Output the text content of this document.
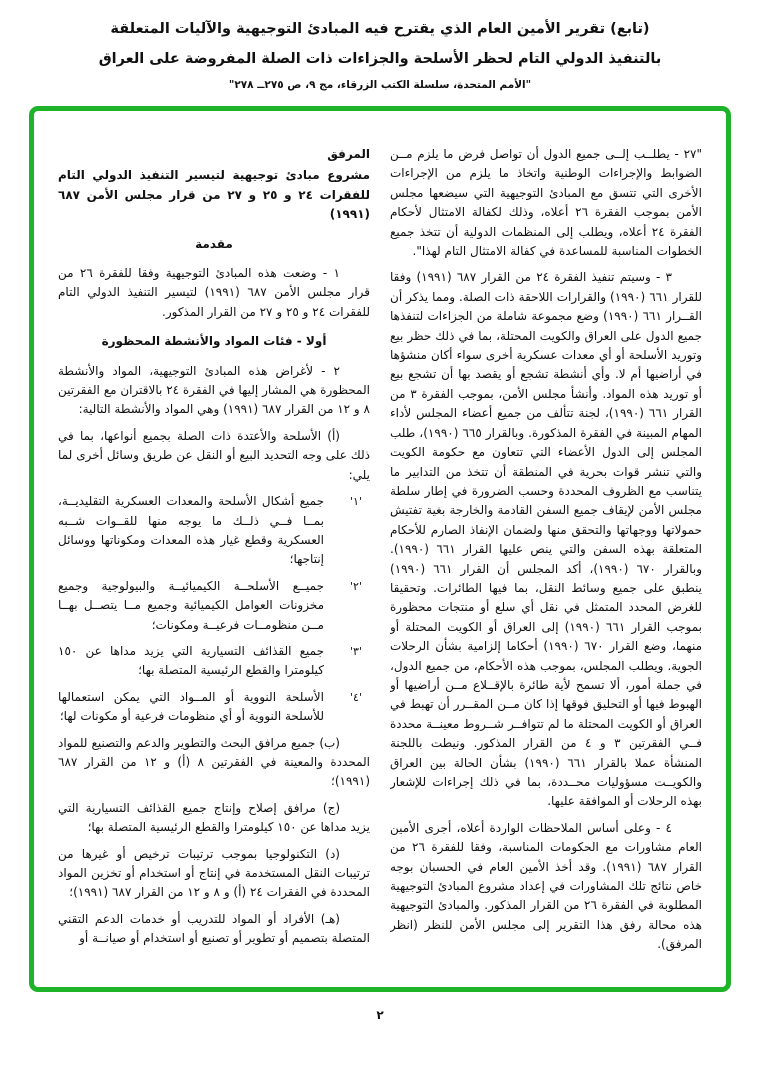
(تابع) تقرير الأمين العام الذي يقترح فيه المبادئ التوجيهية والآليات المتعلقة
بالتنفيذ الدولي التام لحظر الأسلحة والجزاءات ذات الصلة المفروضة على العراق
"الأمم المتحدة، سلسلة الكتب الزرقاء، مج ٩، ص ٢٧٥ــ ٢٧٨"
"٢٧ - يطلــب إلــى جميع الدول أن تواصل فرض ما يلزم مــن الضوابط والإجراءات الوطنية واتخاذ ما يلزم من الإجراءات الأخرى التي تتسق مع المبادئ التوجيهية التي سيضعها مجلس الأمن بموجب الفقرة ٢٦ أعلاه، وذلك لكفالة الامتثال لأحكام الفقرة ٢٤ أعلاه، ويطلب إلى المنظمات الدولية أن تتخذ جميع الخطوات المناسبة للمساعدة في كفالة الامتثال التام لهذا".
٣ - وسيتم تنفيذ الفقرة ٢٤ من القرار ٦٨٧ (١٩٩١) وفقا للقرار ٦٦١ (١٩٩٠) والقرارات اللاحقة ذات الصلة. ومما يذكر أن القــرار ٦٦١ (١٩٩٠) وضع مجموعة شاملة من الجزاءات لتنفذها جميع الدول على العراق والكويت المحتلة، بما في ذلك حظر بيع وتوريد الأسلحة أو أي معدات عسكرية أخرى سواء أكان منشؤها في أراضيها أم لا. وأي أنشطة تشجع أو يقصد بها أن تشجع بيع أو توريد هذه المواد. وأنشأ مجلس الأمن، بموجب الفقرة ٣ من القرار ٦٦١ (١٩٩٠)، لجنة تتألف من جميع أعضاء المجلس لأداء المهام المبينة في الفقرة المذكورة. وبالقرار ٦٦٥ (١٩٩٠)، طلب المجلس إلى الدول الأعضاء التي تتعاون مع حكومة الكويت والتي تنشر قوات بحرية في المنطقة أن تتخذ من التدابير ما يتناسب مع الظروف المحددة وحسب الضرورة في إطار سلطة مجلس الأمن لإيقاف جميع السفن القادمة والخارجة بغية تفتيش حمولاتها ووجهاتها والتحقق منها ولضمان الإنفاذ الصارم للأحكام المتعلقة بهذه السفن والتي ينص عليها القرار ٦٦١ (١٩٩٠). وبالقرار ٦٧٠ (١٩٩٠)، أكد المجلس أن القرار ٦٦١ (١٩٩٠) ينطبق على جميع وسائط النقل، بما فيها الطائرات. وتحقيقا للغرض المحدد المتمثل في نقل أي سلع أو منتجات محظورة بموجب القرار ٦٦١ (١٩٩٠) إلى العراق أو الكويت المحتلة أو منهما، وضع القرار ٦٧٠ (١٩٩٠) أحكاما إلزامية بشأن الرحلات الجوية. ويطلب المجلس، بموجب هذه الأحكام، من جميع الدول، في جملة أمور، ألا تسمح لأية طائرة بالإقــلاع مــن أراضيها أو الهبوط فيها أو التحليق فوقها إذا كان مــن المقــرر أن تهبط في العراق أو الكويت المحتلة ما لم تتوافــر شــروط معينــة محددة فــي الفقرتين ٣ و ٤ من القرار المذكور. ونيطت باللجنة المنشأة عملا بالقرار ٦٦١ (١٩٩٠) بشأن الحالة بين العراق والكويــت مسؤوليات محــددة، بما في ذلك إجراءات للإشعار بهذه الرحلات أو الموافقة عليها.
٤ - وعلى أساس الملاحظات الواردة أعلاه، أجرى الأمين العام مشاورات مع الحكومات المناسبة، وفقا للفقرة ٢٦ من القرار ٦٨٧ (١٩٩١). وقد أخذ الأمين العام في الحسبان بوجه خاص نتائج تلك المشاورات في إعداد مشروع المبادئ التوجيهية المطلوبة في الفقرة ٢٦ من القرار المذكور. والمبادئ التوجيهية هذه محالة رفق هذا التقرير إلى مجلس الأمن للنظر (انظر المرفق).
المرفق
مشروع مبادئ توجيهية لتيسير التنفيذ الدولي التام للفقرات ٢٤ و ٢٥ و ٢٧ من قرار مجلس الأمن ٦٨٧ (١٩٩١)
مقدمة
١ - وضعت هذه المبادئ التوجيهية وفقا للفقرة ٢٦ من قرار مجلس الأمن ٦٨٧ (١٩٩١) لتيسير التنفيذ الدولي التام للفقرات ٢٤ و ٢٥ و ٢٧ من القرار المذكور.
أولا - فئات المواد والأنشطة المحظورة
٢ - لأغراض هذه المبادئ التوجيهية، المواد والأنشطة المحظورة هي المشار إليها في الفقرة ٢٤ بالاقتران مع الفقرتين ٨ و ١٢ من القرار ٦٨٧ (١٩٩١) وهي المواد والأنشطة التالية:
(أ) الأسلحة والأعتدة ذات الصلة بجميع أنواعها، بما في ذلك على وجه التحديد البيع أو النقل عن طريق وسائل أخرى لما يلي:
'١'
جميع أشكال الأسلحة والمعدات العسكرية التقليديــة، بمــا فــي ذلــك ما يوجه منها للقــوات شــبه العسكرية وقطع غيار هذه المعدات ومكوناتها ووسائل إنتاجها؛
'٢'
جميــع الأسلحــة الكيميائيــة والبيولوجية وجميع مخزونات العوامل الكيميائية وجميع مــا يتصــل بهــا مــن منظومــات فرعيــة ومكونات؛
'٣'
جميع القذائف التسيارية التي يزيد مداها عن ١٥٠ كيلومترا والقطع الرئيسية المتصلة بها؛
'٤'
الأسلحة النووية أو المــواد التي يمكن استعمالها للأسلحة النووية أو أي منظومات فرعية أو مكونات لها؛
(ب) جميع مرافق البحث والتطوير والدعم والتصنيع للمواد المحددة والمعينة في الفقرتين ٨ (أ) و ١٢ من القرار ٦٨٧ (١٩٩١)؛
(ج) مرافق إصلاح وإنتاج جميع القذائف التسيارية التي يزيد مداها عن ١٥٠ كيلومترا والقطع الرئيسية المتصلة بها؛
(د) التكنولوجيا بموجب ترتيبات ترخيص أو غيرها من ترتيبات النقل المستخدمة في إنتاج أو استخدام أو تخزين المواد المحددة في الفقرات ٢٤ (أ) و ٨ و ١٢ من القرار ٦٨٧ (١٩٩١)؛
(هـ) الأفراد أو المواد للتدريب أو خدمات الدعم التقني المتصلة بتصميم أو تطوير أو تصنيع أو استخدام أو صيانــة أو
٢
